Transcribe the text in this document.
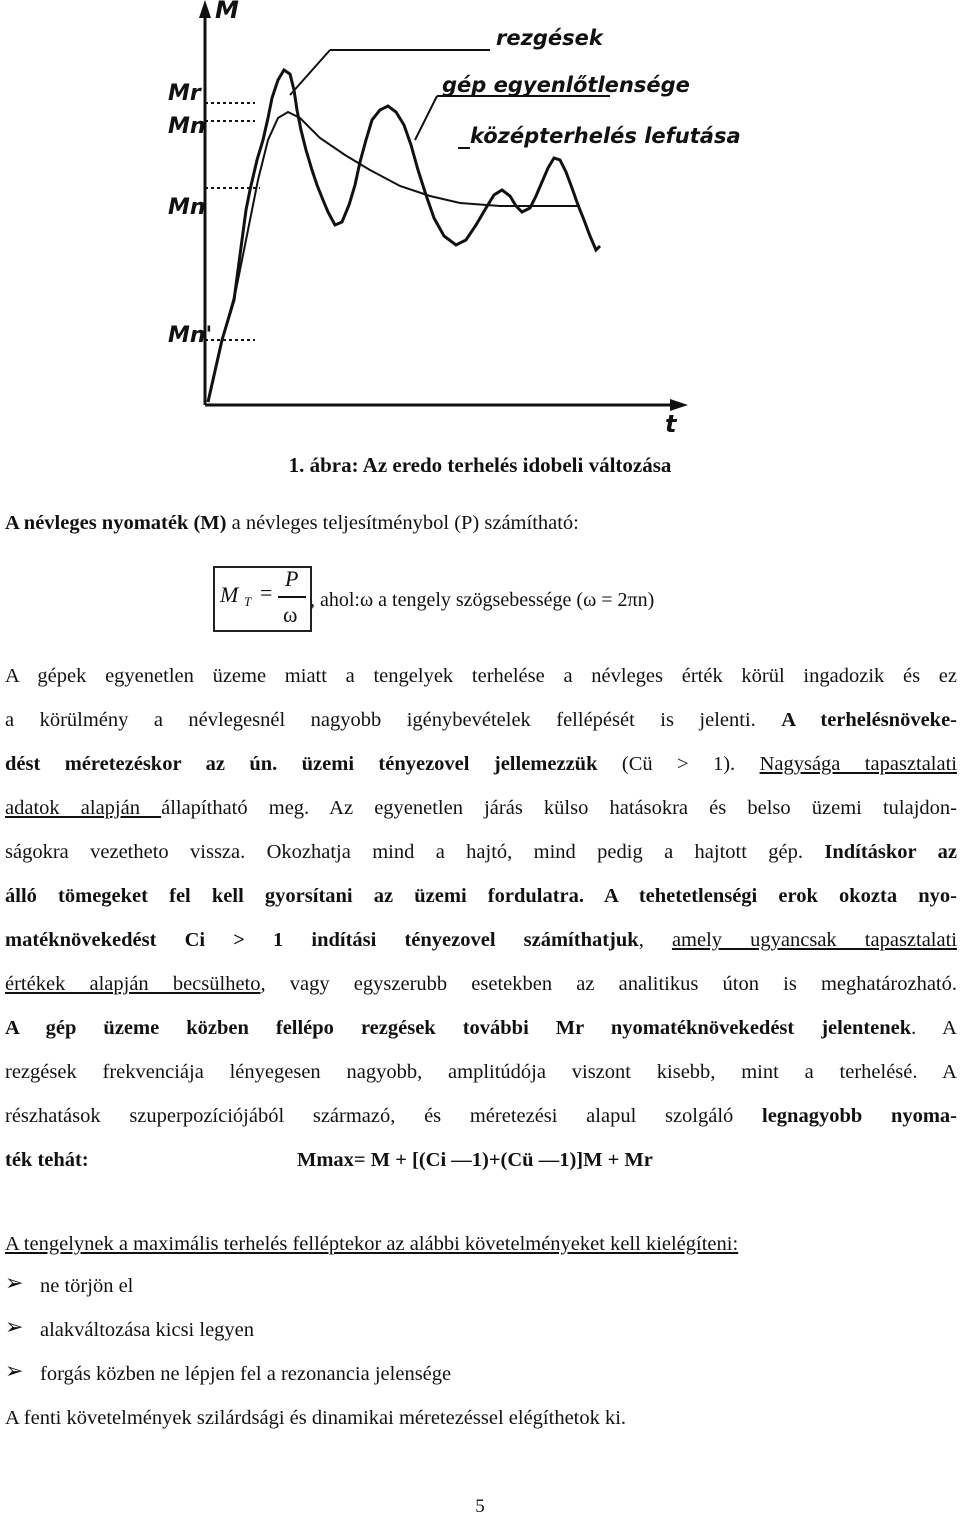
M
t
rezgések
gép egyenlőtlensége
középterhelés lefutása
Mr
Mn
Mn
Mn'
1. ábra: Az eredo terhelés idobeli változása
A névleges nyomaték (M) a névleges teljesítménybol (P) számítható:
M T =
P
ω
, ahol:ω a tengely szögsebessége (ω = 2πn)
A gépek egyenetlen üzeme miatt a tengelyek terhelése a névleges érték körül ingadozik és ez
a körülmény a névlegesnél nagyobb igénybevételek fellépését is jelenti. A terhelésnöveke-
dést méretezéskor az ún. üzemi tényezovel jellemezzük (Cü > 1). Nagysága tapasztalati
adatok alapján állapítható meg. Az egyenetlen járás külso hatásokra és belso üzemi tulajdon-
ságokra vezetheto vissza. Okozhatja mind a hajtó, mind pedig a hajtott gép. Indításkor az
álló tömegeket fel kell gyorsítani az üzemi fordulatra. A tehetetlenségi erok okozta nyo-
matéknövekedést Ci > 1 indítási tényezovel számíthatjuk, amely ugyancsak tapasztalati
értékek alapján becsülheto, vagy egyszerubb esetekben az analitikus úton is meghatározható.
A gép üzeme közben fellépo rezgések további Mr nyomatéknövekedést jelentenek. A
rezgések frekvenciája lényegesen nagyobb, amplitúdója viszont kisebb, mint a terhelésé. A
részhatások szuperpozíciójából származó, és méretezési alapul szolgáló legnagyobb nyoma-
ték tehát:	Mmax= M + [(Ci —1)+(Cü —1)]M + Mr
A tengelynek a maximális terhelés felléptekor az alábbi követelményeket kell kielégíteni:
➢ ne törjön el
➢ alakváltozása kicsi legyen
➢ forgás közben ne lépjen fel a rezonancia jelensége
A fenti követelmények szilárdsági és dinamikai méretezéssel elégíthetok ki.
5
